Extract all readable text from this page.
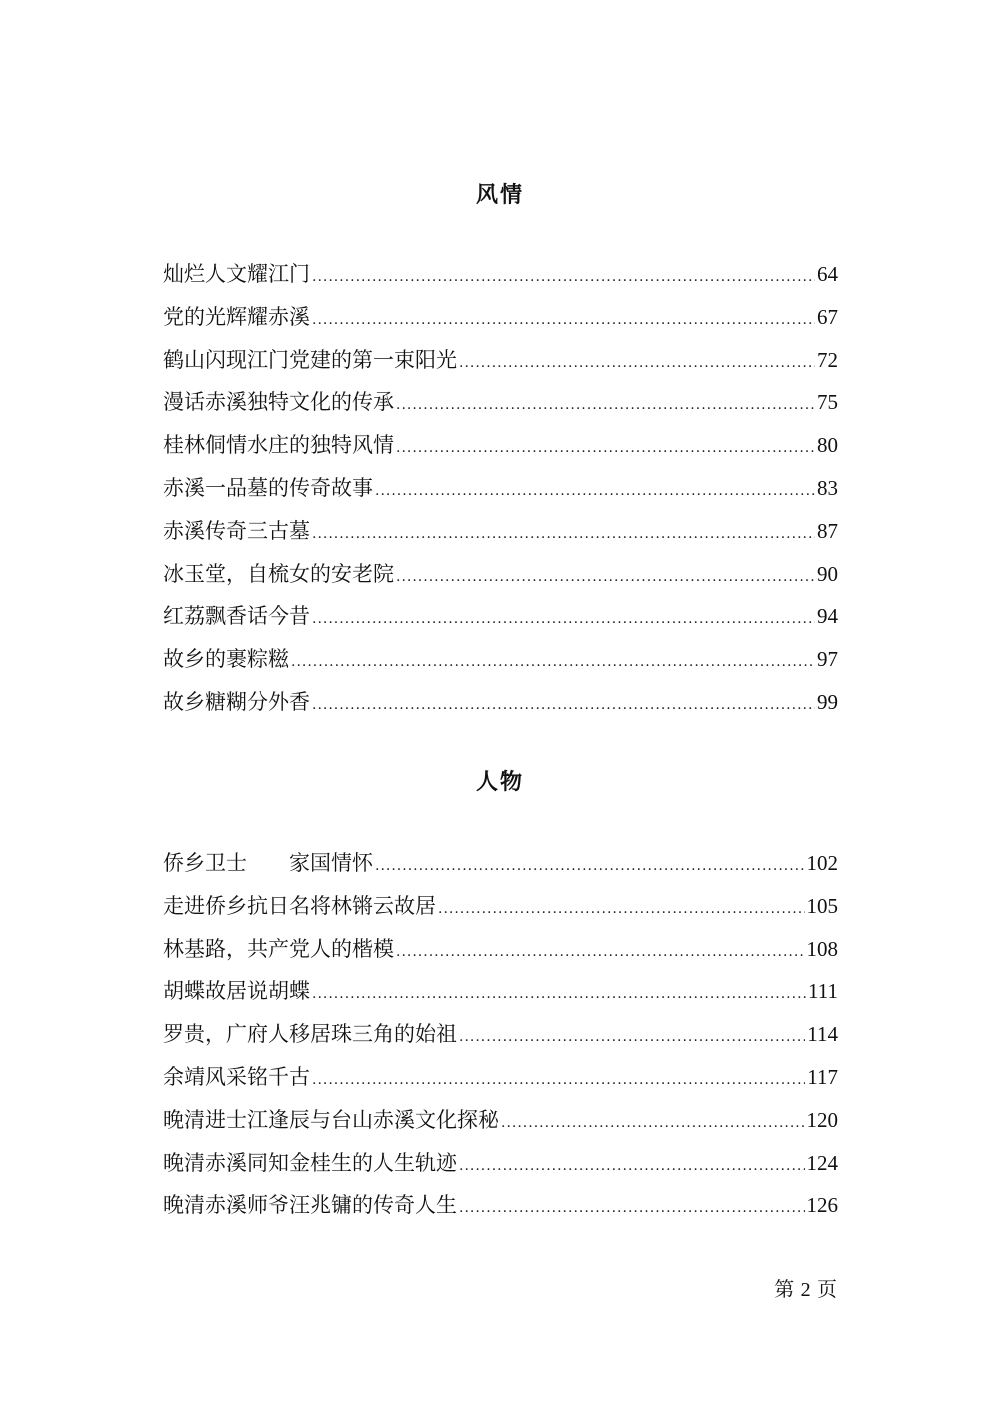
风情
灿烂人文耀江门 .....	64
党的光辉耀赤溪 .....	67
鹤山闪现江门党建的第一束阳光 .....	72
漫话赤溪独特文化的传承 .....	75
桂林侗情水庄的独特风情 .....	80
赤溪一品墓的传奇故事 .....	83
赤溪传奇三古墓 .....	87
冰玉堂，自梳女的安老院 .....	90
红荔飘香话今昔 .....	94
故乡的裹粽糍 .....	97
故乡糖糊分外香 .....	99
人物
侨乡卫士　　家国情怀 .....	102
走进侨乡抗日名将林锵云故居 .....	105
林基路，共产党人的楷模 .....	108
胡蝶故居说胡蝶 .....	111
罗贵，广府人移居珠三角的始祖 .....	114
余靖风采铭千古 .....	117
晚清进士江逢辰与台山赤溪文化探秘 .....	120
晚清赤溪同知金桂生的人生轨迹 .....	124
晚清赤溪师爷汪兆镛的传奇人生 .....	126
第 2 页
